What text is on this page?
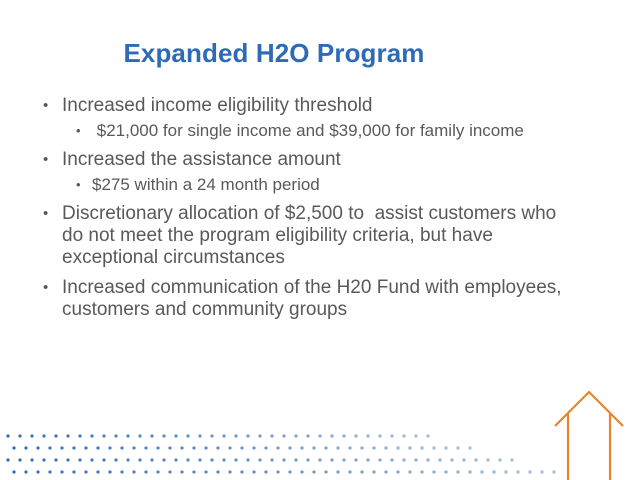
Expanded H2O Program
• Increased income eligibility threshold
• $21,000 for single income and $39,000 for family income
• Increased the assistance amount
• $275 within a 24 month period
• Discretionary allocation of $2,500 to  assist customers who do not meet the program eligibility criteria, but have exceptional circumstances
• Increased communication of the H20 Fund with employees, customers and community groups
